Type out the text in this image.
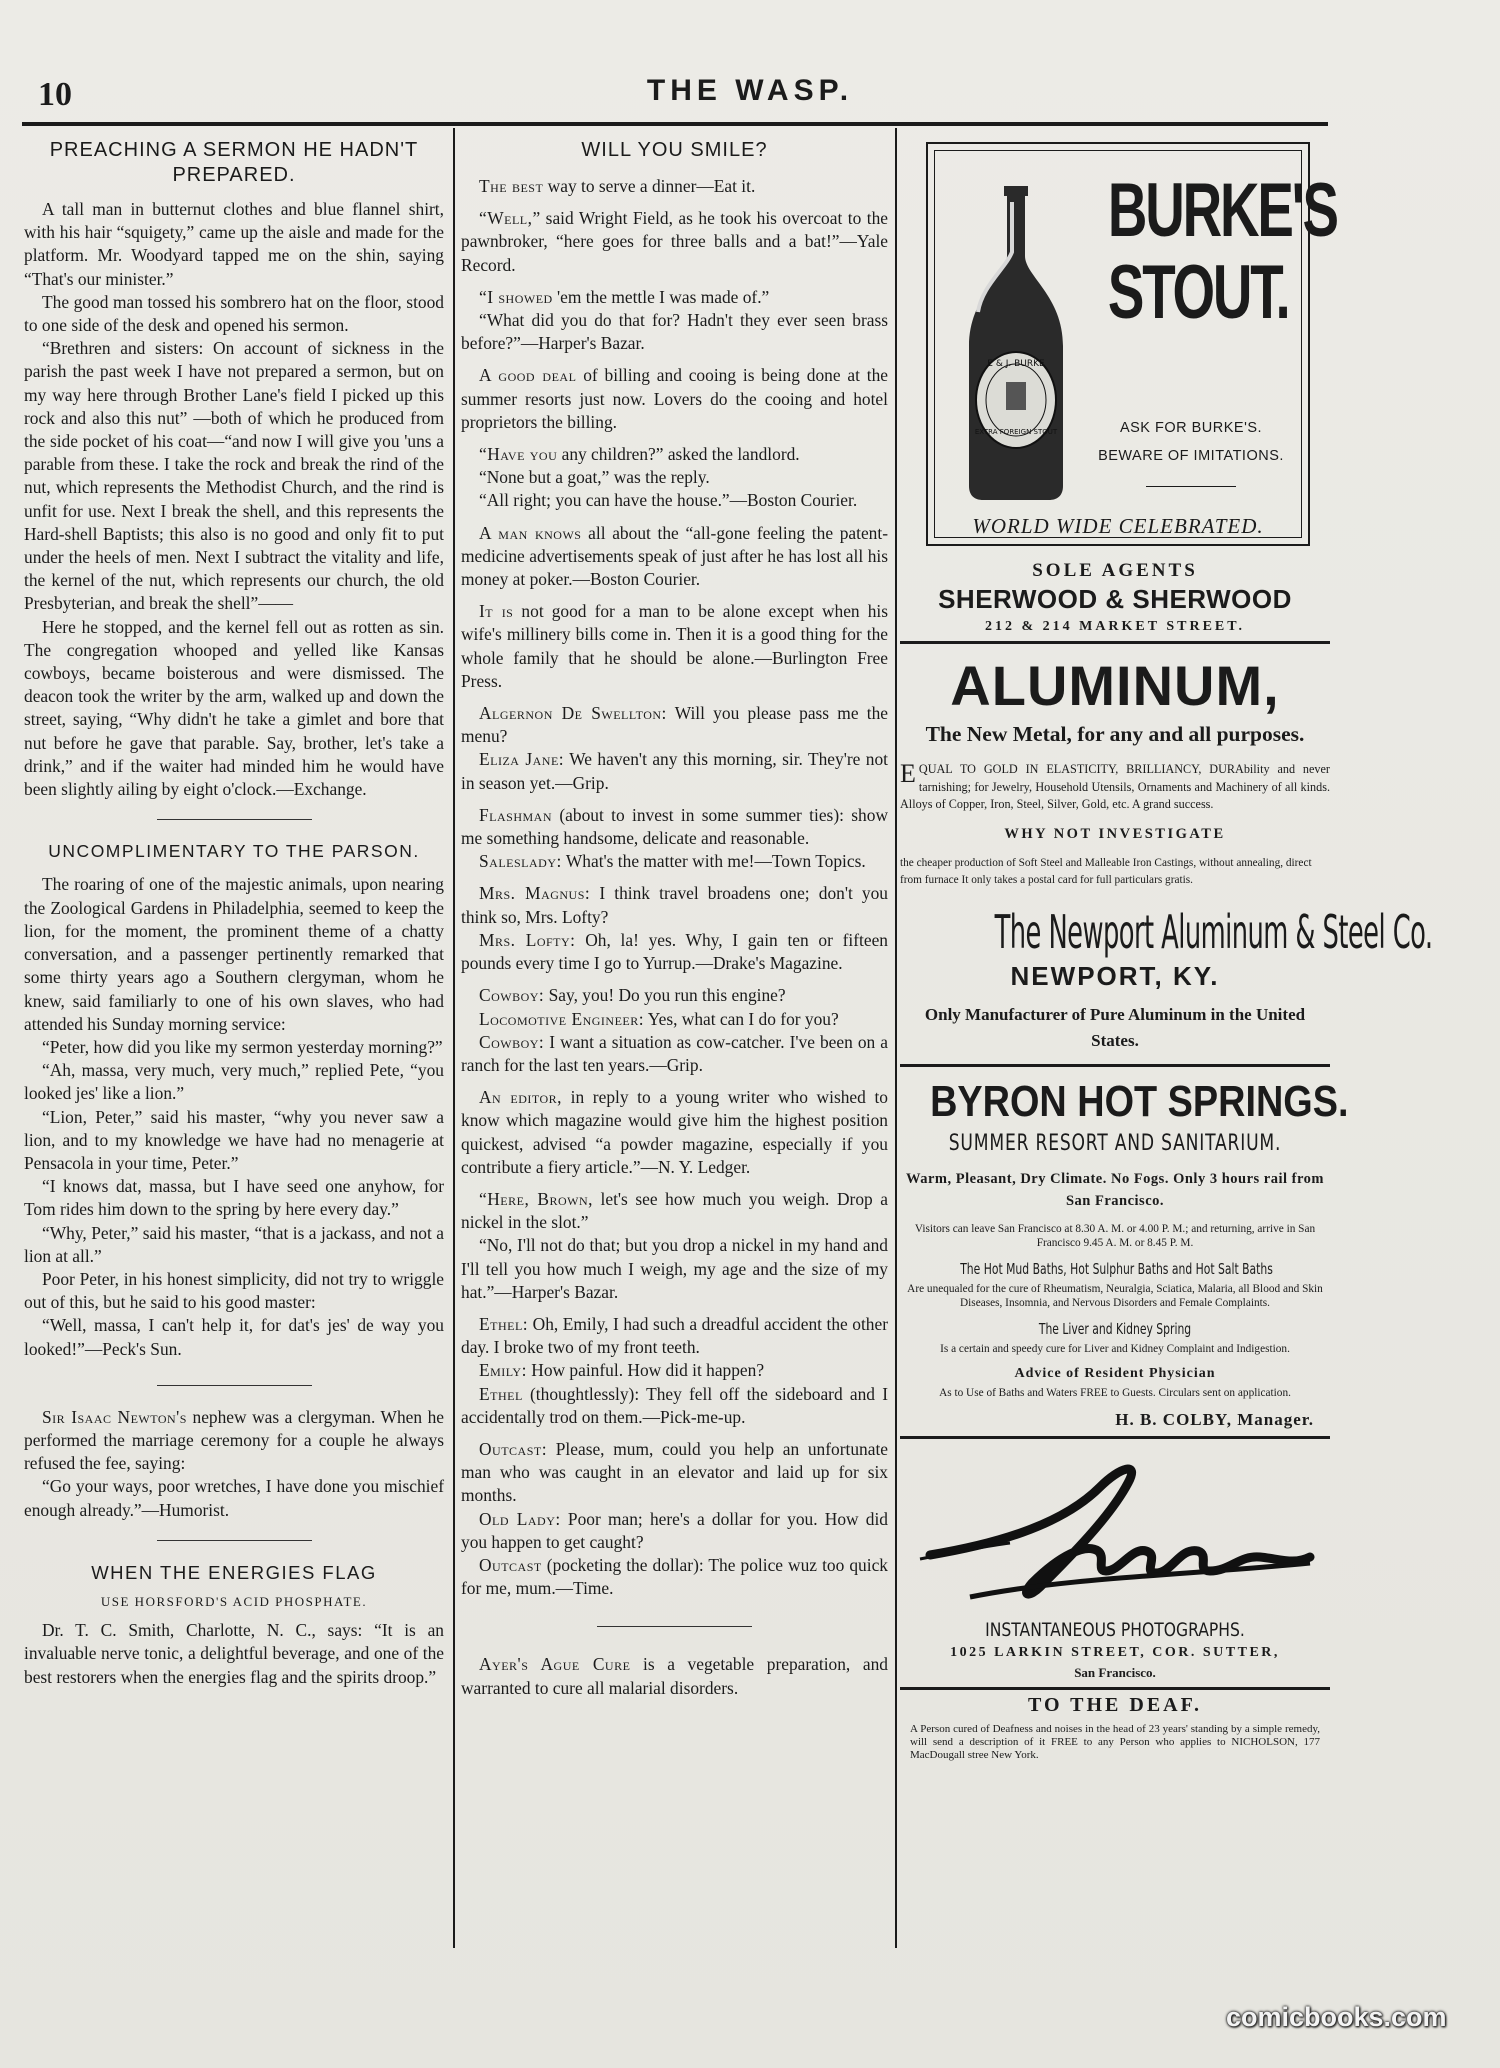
10	THE WASP.
PREACHING A SERMON HE HADN'T PREPARED.

A tall man in butternut clothes and blue flannel shirt, with his hair “squigety,” came up the aisle and made for the platform. Mr. Woodyard tapped me on the shin, saying “That's our minister.”

The good man tossed his sombrero hat on the floor, stood to one side of the desk and opened his sermon.

“Brethren and sisters: On account of sickness in the parish the past week I have not prepared a sermon, but on my way here through Brother Lane's field I picked up this rock and also this nut” —both of which he produced from the side pocket of his coat—“and now I will give you 'uns a parable from these. I take the rock and break the rind of the nut, which represents the Methodist Church, and the rind is unfit for use. Next I break the shell, and this represents the Hard-shell Baptists; this also is no good and only fit to put under the heels of men. Next I subtract the vitality and life, the kernel of the nut, which represents our church, the old Presbyterian, and break the shell”——

Here he stopped, and the kernel fell out as rotten as sin. The congregation whooped and yelled like Kansas cowboys, became boisterous and were dismissed. The deacon took the writer by the arm, walked up and down the street, saying, “Why didn't he take a gimlet and bore that nut before he gave that parable. Say, brother, let's take a drink,” and if the waiter had minded him he would have been slightly ailing by eight o'clock.—Exchange.

UNCOMPLIMENTARY TO THE PARSON.

The roaring of one of the majestic animals, upon nearing the Zoological Gardens in Philadelphia, seemed to keep the lion, for the moment, the prominent theme of a chatty conversation, and a passenger pertinently remarked that some thirty years ago a Southern clergyman, whom he knew, said familiarly to one of his own slaves, who had attended his Sunday morning service:

“Peter, how did you like my sermon yesterday morning?”

“Ah, massa, very much, very much,” replied Pete, “you looked jes' like a lion.”

“Lion, Peter,” said his master, “why you never saw a lion, and to my knowledge we have had no menagerie at Pensacola in your time, Peter.”

“I knows dat, massa, but I have seed one anyhow, for Tom rides him down to the spring by here every day.”

“Why, Peter,” said his master, “that is a jackass, and not a lion at all.”

Poor Peter, in his honest simplicity, did not try to wriggle out of this, but he said to his good master:

“Well, massa, I can't help it, for dat's jes' de way you looked!”—Peck's Sun.

Sir Isaac Newton's nephew was a clergyman. When he performed the marriage ceremony for a couple he always refused the fee, saying:

“Go your ways, poor wretches, I have done you mischief enough already.”—Humorist.

WHEN THE ENERGIES FLAG
USE HORSFORD'S ACID PHOSPHATE.

Dr. T. C. Smith, Charlotte, N. C., says: “It is an invaluable nerve tonic, a delightful beverage, and one of the best restorers when the energies flag and the spirits droop.”

WILL YOU SMILE?

The best way to serve a dinner—Eat it.

“Well,” said Wright Field, as he took his overcoat to the pawnbroker, “here goes for three balls and a bat!”—Yale Record.

“I showed 'em the mettle I was made of.”

“What did you do that for? Hadn't they ever seen brass before?”—Harper's Bazar.

A good deal of billing and cooing is being done at the summer resorts just now. Lovers do the cooing and hotel proprietors the billing.

“Have you any children?” asked the landlord.

“None but a goat,” was the reply.

“All right; you can have the house.”—Boston Courier.

A man knows all about the “all-gone feeling the patent-medicine advertisements speak of just after he has lost all his money at poker.—Boston Courier.

It is not good for a man to be alone except when his wife's millinery bills come in. Then it is a good thing for the whole family that he should be alone.—Burlington Free Press.

Algernon De Swellton: Will you please pass me the menu?

Eliza Jane: We haven't any this morning, sir. They're not in season yet.—Grip.

Flashman (about to invest in some summer ties): show me something handsome, delicate and reasonable.

Saleslady: What's the matter with me!—Town Topics.

Mrs. Magnus: I think travel broadens one; don't you think so, Mrs. Lofty?

Mrs. Lofty: Oh, la! yes. Why, I gain ten or fifteen pounds every time I go to Yurrup.—Drake's Magazine.

Cowboy: Say, you! Do you run this engine?

Locomotive Engineer: Yes, what can I do for you?

Cowboy: I want a situation as cow-catcher. I've been on a ranch for the last ten years.—Grip.

An editor, in reply to a young writer who wished to know which magazine would give him the highest position quickest, advised “a powder magazine, especially if you contribute a fiery article.”—N. Y. Ledger.

“Here, Brown, let's see how much you weigh. Drop a nickel in the slot.”

“No, I'll not do that; but you drop a nickel in my hand and I'll tell you how much I weigh, my age and the size of my hat.”—Harper's Bazar.

Ethel: Oh, Emily, I had such a dreadful accident the other day. I broke two of my front teeth.

Emily: How painful. How did it happen?

Ethel (thoughtlessly): They fell off the sideboard and I accidentally trod on them.—Pick-me-up.

Outcast: Please, mum, could you help an unfortunate man who was caught in an elevator and laid up for six months.

Old Lady: Poor man; here's a dollar for you. How did you happen to get caught?

Outcast (pocketing the dollar): The police wuz too quick for me, mum.—Time.

Ayer's Ague Cure is a vegetable preparation, and warranted to cure all malarial disorders.

E & J. BURKE
EXTRA FOREIGN STOUT
BURKE'S
STOUT.
ASK FOR BURKE'S.
BEWARE OF IMITATIONS.
WORLD WIDE CELEBRATED.
SOLE AGENTS
SHERWOOD & SHERWOOD
212 & 214 MARKET STREET.
ALUMINUM,
The New Metal, for any and all purposes.
EQUAL TO GOLD IN ELASTICITY, BRILLIANCY, DURAbility and never tarnishing; for Jewelry, Household Utensils, Ornaments and Machinery of all kinds. Alloys of Copper, Iron, Steel, Silver, Gold, etc. A grand success.
WHY NOT INVESTIGATE
the cheaper production of Soft Steel and Malleable Iron Castings, without annealing, direct from furnace It only takes a postal card for full particulars gratis.
The Newport Aluminum & Steel Co.
NEWPORT, KY.
Only Manufacturer of Pure Aluminum in the United States.
BYRON HOT SPRINGS.
SUMMER RESORT AND SANITARIUM.
Warm, Pleasant, Dry Climate. No Fogs. Only 3 hours rail from San Francisco.
Visitors can leave San Francisco at 8.30 A. M. or 4.00 P. M.; and returning, arrive in San Francisco 9.45 A. M. or 8.45 P. M.
The Hot Mud Baths, Hot Sulphur Baths and Hot Salt Baths
Are unequaled for the cure of Rheumatism, Neuralgia, Sciatica, Malaria, all Blood and Skin Diseases, Insomnia, and Nervous Disorders and Female Complaints.
The Liver and Kidney Spring
Is a certain and speedy cure for Liver and Kidney Complaint and Indigestion.
Advice of Resident Physician
As to Use of Baths and Waters FREE to Guests. Circulars sent on application.
H. B. COLBY, Manager.
INSTANTANEOUS PHOTOGRAPHS.
1025 LARKIN STREET, COR. SUTTER,
San Francisco.
TO THE DEAF.
A Person cured of Deafness and noises in the head of 23 years' standing by a simple remedy, will send a description of it FREE to any Person who applies to NICHOLSON, 177 MacDougall stree New York.
comicbooks.com
